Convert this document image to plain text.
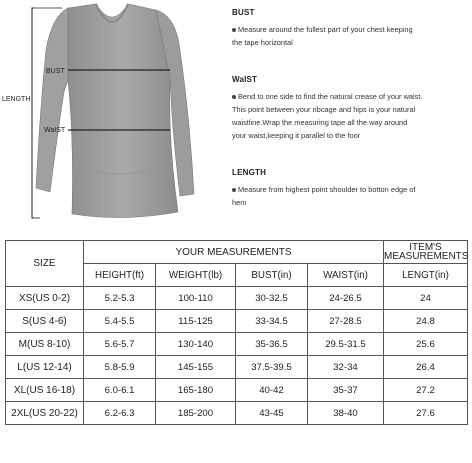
BUST
WaIST
LENGTH

BUST

Measure around the fullest part of your chest keeping

the tape horizontal

WaIST

Bend to one side to find the natural crease of your waist.

This point between your ribcage and hips is your natural

waistline.Wrap the measuring tape all the way around

your waist,keeping it parallel to the foor

LENGTH

Measure from highest point shoulder to botton edge of

hem

SIZE	YOUR MEASUREMENTS				ITEM'S
MEASUREMENTS
	HEIGHT(ft)	WEIGHT(lb)	BUST(in)	WAIST(in)	LENGT(in)
XS(US 0-2)	5.2-5.3	100-110	30-32.5	24-26.5	24
S(US 4-6)	5.4-5.5	115-125	33-34.5	27-28.5	24.8
M(US 8-10)	5.6-5.7	130-140	35-36.5	29.5-31.5	25.6
L(US 12-14)	5.8-5.9	145-155	37.5-39.5	32-34	26.4
XL(US 16-18)	6.0-6.1	165-180	40-42	35-37	27.2
2XL(US 20-22)	6.2-6.3	185-200	43-45	38-40	27.6
